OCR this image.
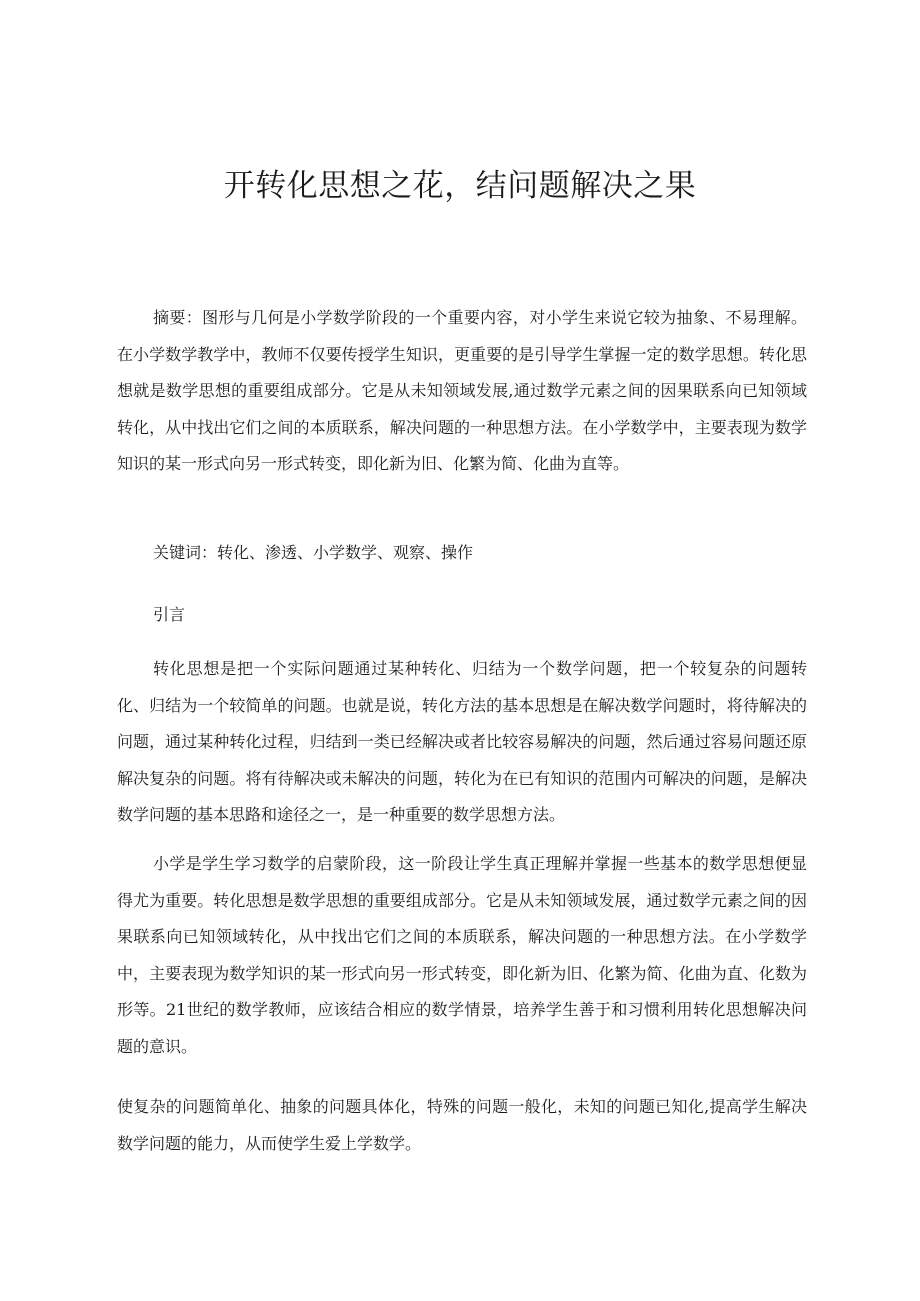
开转化思想之花，结问题解决之果

摘要：图形与几何是小学数学阶段的一个重要内容，对小学生来说它较为抽象、不易理解。在小学数学教学中，教师不仅要传授学生知识，更重要的是引导学生掌握一定的数学思想。转化思想就是数学思想的重要组成部分。它是从未知领域发展,通过数学元素之间的因果联系向已知领域转化，从中找出它们之间的本质联系，解决问题的一种思想方法。在小学数学中，主要表现为数学知识的某一形式向另一形式转变，即化新为旧、化繁为简、化曲为直等。

关键词：转化、渗透、小学数学、观察、操作

引言

转化思想是把一个实际问题通过某种转化、归结为一个数学问题，把一个较复杂的问题转化、归结为一个较简单的问题。也就是说，转化方法的基本思想是在解决数学问题时，将待解决的问题，通过某种转化过程，归结到一类已经解决或者比较容易解决的问题，然后通过容易问题还原解决复杂的问题。将有待解决或未解决的问题，转化为在已有知识的范围内可解决的问题，是解决数学问题的基本思路和途径之一，是一种重要的数学思想方法。

小学是学生学习数学的启蒙阶段，这一阶段让学生真正理解并掌握一些基本的数学思想便显得尤为重要。转化思想是数学思想的重要组成部分。它是从未知领域发展，通过数学元素之间的因果联系向已知领域转化，从中找出它们之间的本质联系，解决问题的一种思想方法。在小学数学中，主要表现为数学知识的某一形式向另一形式转变，即化新为旧、化繁为简、化曲为直、化数为形等。21世纪的数学教师，应该结合相应的数学情景，培养学生善于和习惯利用转化思想解决问题的意识。

使复杂的问题简单化、抽象的问题具体化，特殊的问题一般化，未知的问题已知化,提高学生解决数学问题的能力，从而使学生爱上学数学。
